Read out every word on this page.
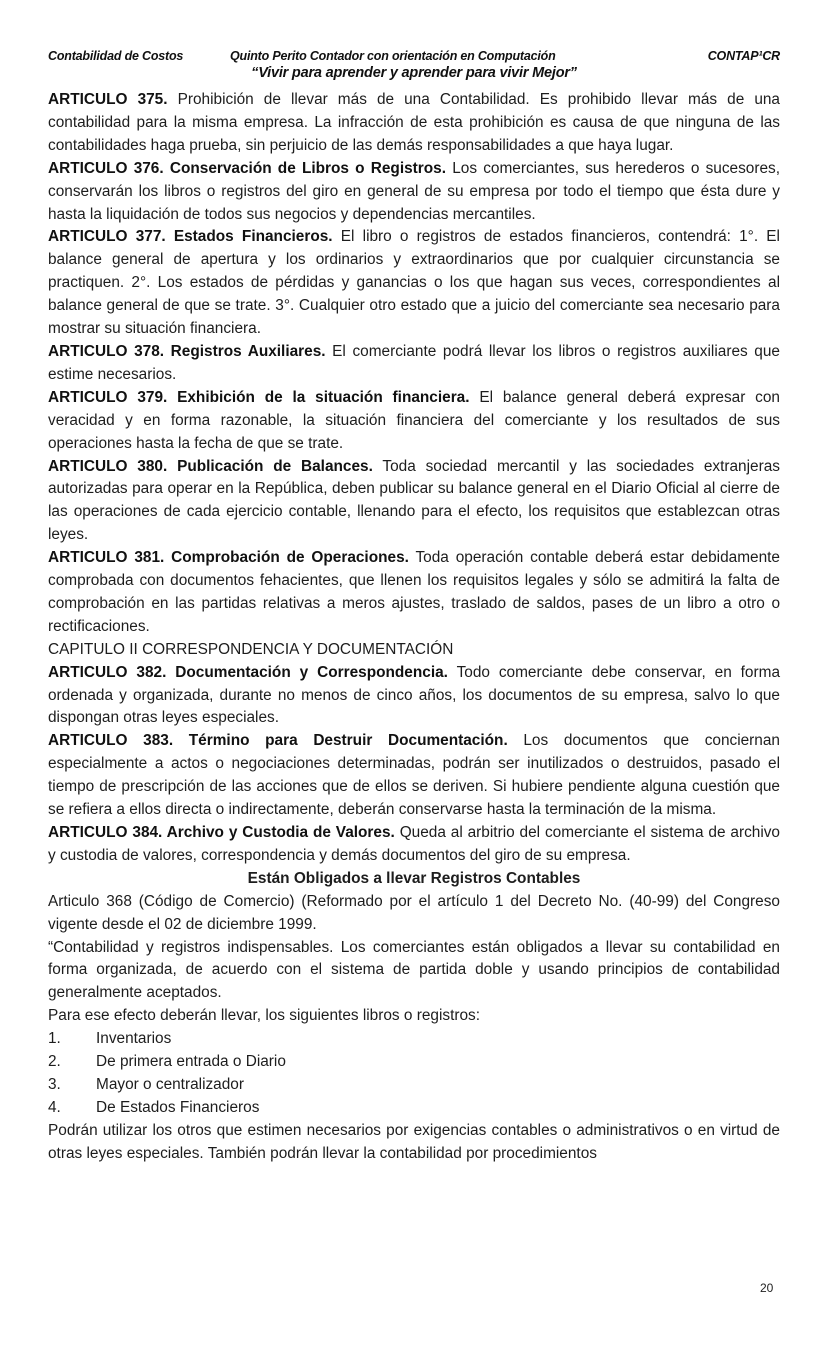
Contabilidad de Costos	Quinto Perito Contador con orientación en Computación	CONTAP¹CR
“Vivir para aprender y aprender para vivir Mejor”

ARTICULO 375. Prohibición de llevar más de una Contabilidad. Es prohibido llevar más de una contabilidad para la misma empresa. La infracción de esta prohibición es causa de que ninguna de las contabilidades haga prueba, sin perjuicio de las demás responsabilidades a que haya lugar.

ARTICULO 376. Conservación de Libros o Registros. Los comerciantes, sus herederos o sucesores, conservarán los libros o registros del giro en general de su empresa por todo el tiempo que ésta dure y hasta la liquidación de todos sus negocios y dependencias mercantiles.

ARTICULO 377. Estados Financieros. El libro o registros de estados financieros, contendrá: 1°. El balance general de apertura y los ordinarios y extraordinarios que por cualquier circunstancia se practiquen. 2°. Los estados de pérdidas y ganancias o los que hagan sus veces, correspondientes al balance general de que se trate. 3°. Cualquier otro estado que a juicio del comerciante sea necesario para mostrar su situación financiera.

ARTICULO 378. Registros Auxiliares. El comerciante podrá llevar los libros o registros auxiliares que estime necesarios.

ARTICULO 379. Exhibición de la situación financiera. El balance general deberá expresar con veracidad y en forma razonable, la situación financiera del comerciante y los resultados de sus operaciones hasta la fecha de que se trate.

ARTICULO 380. Publicación de Balances. Toda sociedad mercantil y las sociedades extranjeras autorizadas para operar en la República, deben publicar su balance general en el Diario Oficial al cierre de las operaciones de cada ejercicio contable, llenando para el efecto, los requisitos que establezcan otras leyes.

ARTICULO 381. Comprobación de Operaciones. Toda operación contable deberá estar debidamente comprobada con documentos fehacientes, que llenen los requisitos legales y sólo se admitirá la falta de comprobación en las partidas relativas a meros ajustes, traslado de saldos, pases de un libro a otro o rectificaciones.

CAPITULO II CORRESPONDENCIA Y DOCUMENTACIÓN

ARTICULO 382. Documentación y Correspondencia. Todo comerciante debe conservar, en forma ordenada y organizada, durante no menos de cinco años, los documentos de su empresa, salvo lo que dispongan otras leyes especiales.

ARTICULO 383. Término para Destruir Documentación. Los documentos que conciernan especialmente a actos o negociaciones determinadas, podrán ser inutilizados o destruidos, pasado el tiempo de prescripción de las acciones que de ellos se deriven. Si hubiere pendiente alguna cuestión que se refiera a ellos directa o indirectamente, deberán conservarse hasta la terminación de la misma.

ARTICULO 384. Archivo y Custodia de Valores. Queda al arbitrio del comerciante el sistema de archivo y custodia de valores, correspondencia y demás documentos del giro de su empresa.

Están Obligados a llevar Registros Contables

Articulo 368 (Código de Comercio) (Reformado por el artículo 1 del Decreto No. (40-99) del Congreso vigente desde el 02 de diciembre 1999.

“Contabilidad y registros indispensables. Los comerciantes están obligados a llevar su contabilidad en forma organizada, de acuerdo con el sistema de partida doble y usando principios de contabilidad generalmente aceptados.

Para ese efecto deberán llevar, los siguientes libros o registros:

1.	Inventarios
2.	De primera entrada o Diario
3.	Mayor o centralizador
4.	De Estados Financieros

Podrán utilizar los otros que estimen necesarios por exigencias contables o administrativos o en virtud de otras leyes especiales. También podrán llevar la contabilidad por procedimientos

20
